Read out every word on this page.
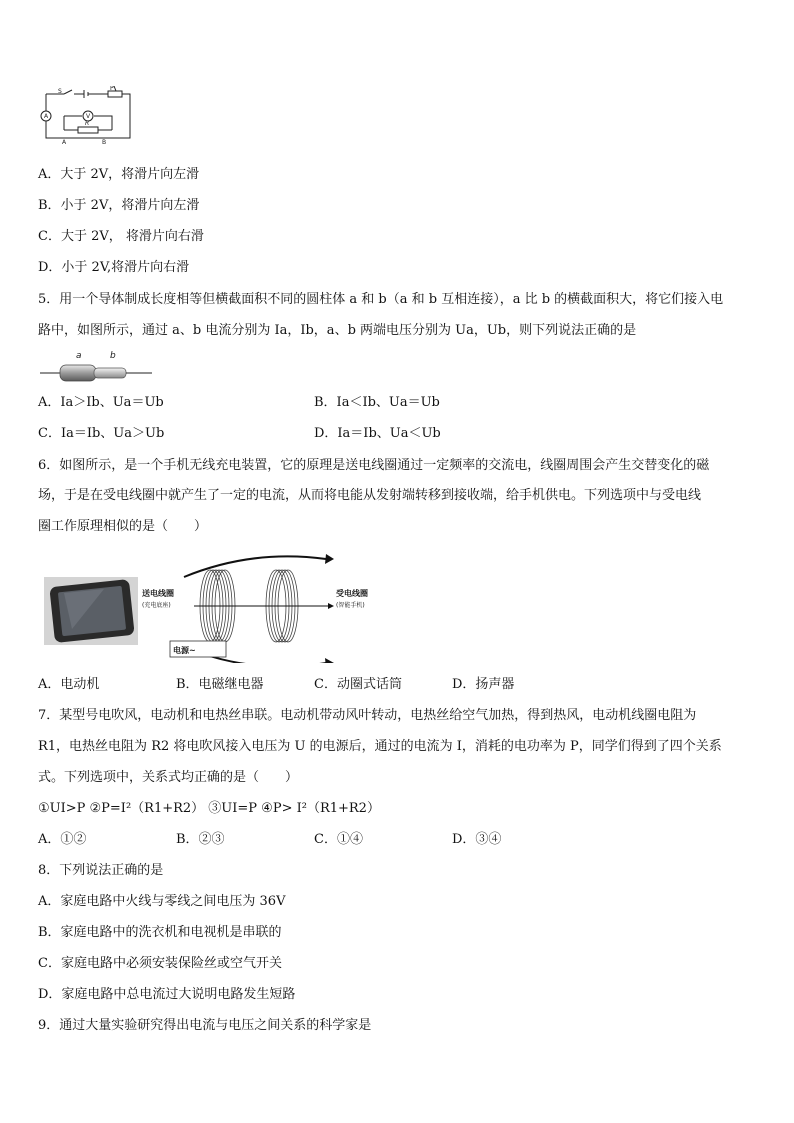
S	P
A	V
R
A	B
A．大于 2V，将滑片向左滑
B．小于 2V，将滑片向左滑
C．大于 2V， 将滑片向右滑
D．小于 2V,将滑片向右滑
5．用一个导体制成长度相等但横截面积不同的圆柱体 a 和 b（a 和 b 互相连接），a 比 b 的横截面积大，将它们接入电
路中，如图所示，通过 a、b 电流分别为 Ia，Ib，a、b 两端电压分别为 Ua，Ub，则下列说法正确的是
a	b
A．Ia＞Ib、Ua＝Ub	B．Ia＜Ib、Ua＝Ub
C．Ia＝Ib、Ua＞Ub	D．Ia＝Ib、Ua＜Ub
6．如图所示，是一个手机无线充电装置，它的原理是送电线圈通过一定频率的交流电，线圈周围会产生交替变化的磁
场，于是在受电线圈中就产生了一定的电流，从而将电能从发射端转移到接收端，给手机供电。下列选项中与受电线
圈工作原理相似的是（　　）
送电线圈
(充电底座)
受电线圈
(智能手机)
电源~
A．电动机	B．电磁继电器	C．动圈式话筒	D．扬声器
7．某型号电吹风，电动机和电热丝串联。电动机带动风叶转动，电热丝给空气加热，得到热风，电动机线圈电阻为
R1，电热丝电阻为 R2 将电吹风接入电压为 U 的电源后，通过的电流为 I，消耗的电功率为 P，同学们得到了四个关系
式。下列选项中，关系式均正确的是（　　）
①UI>P ②P=I²（R1+R2） ③UI=P ④P> I²（R1+R2）
A．①②	B．②③	C．①④	D．③④
8．下列说法正确的是
A．家庭电路中火线与零线之间电压为 36V
B．家庭电路中的洗衣机和电视机是串联的
C．家庭电路中必须安装保险丝或空气开关
D．家庭电路中总电流过大说明电路发生短路
9．通过大量实验研究得出电流与电压之间关系的科学家是
